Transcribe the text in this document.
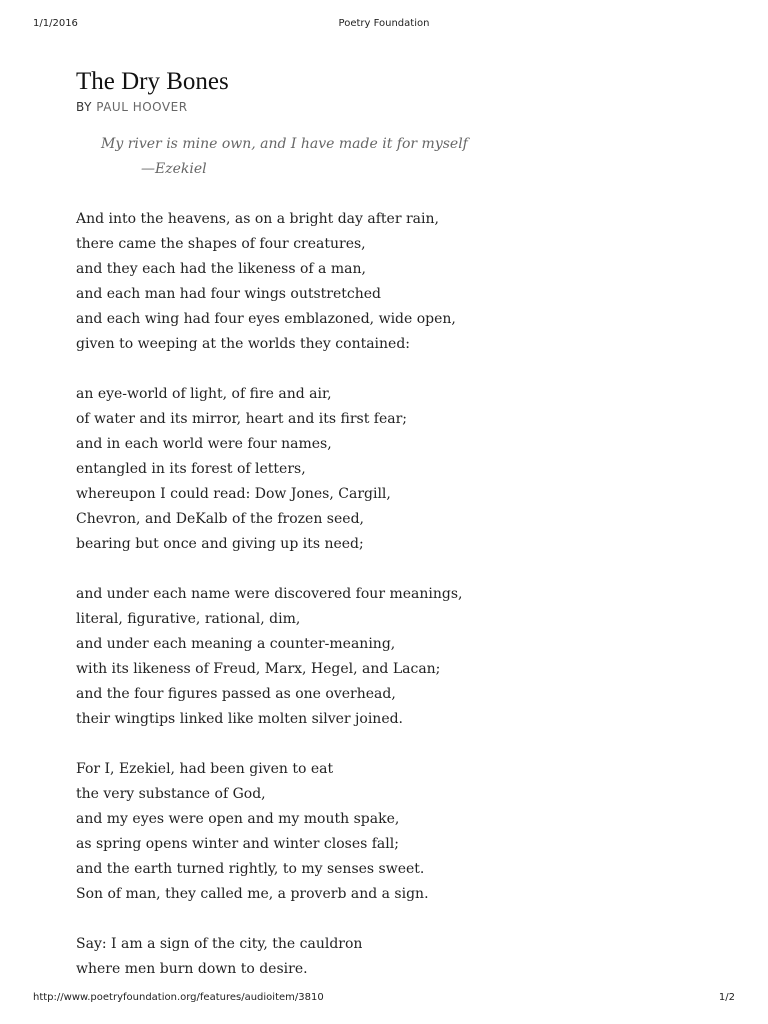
1/1/2016	Poetry Foundation
The Dry Bones
BY PAUL HOOVER
My river is mine own, and I have made it for myself
—Ezekiel
And into the heavens, as on a bright day after rain,
there came the shapes of four creatures,
and they each had the likeness of a man,
and each man had four wings outstretched
and each wing had four eyes emblazoned, wide open,
given to weeping at the worlds they contained:
an eye-world of light, of fire and air,
of water and its mirror, heart and its first fear;
and in each world were four names,
entangled in its forest of letters,
whereupon I could read: Dow Jones, Cargill,
Chevron, and DeKalb of the frozen seed,
bearing but once and giving up its need;
and under each name were discovered four meanings,
literal, figurative, rational, dim,
and under each meaning a counter-meaning,
with its likeness of Freud, Marx, Hegel, and Lacan;
and the four figures passed as one overhead,
their wingtips linked like molten silver joined.
For I, Ezekiel, had been given to eat
the very substance of God,
and my eyes were open and my mouth spake,
as spring opens winter and winter closes fall;
and the earth turned rightly, to my senses sweet.
Son of man, they called me, a proverb and a sign.
Say: I am a sign of the city, the cauldron
where men burn down to desire.
http://www.poetryfoundation.org/features/audioitem/3810	1/2
